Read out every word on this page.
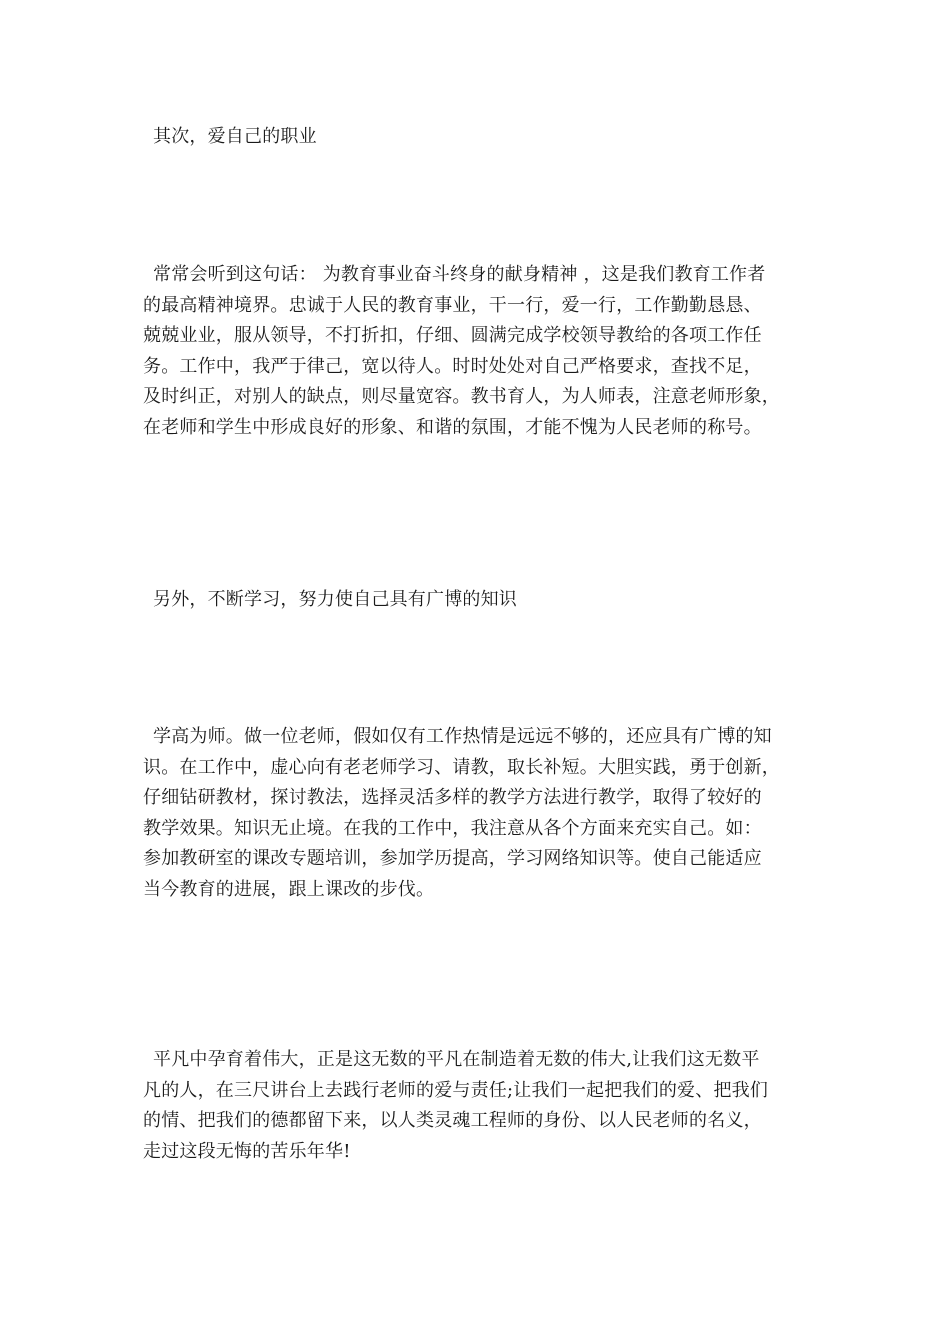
其次，爱自己的职业
常常会听到这句话： 为教育事业奋斗终身的献身精神 ，这是我们教育工作者
的最高精神境界。忠诚于人民的教育事业，干一行，爱一行，工作勤勤恳恳、
兢兢业业，服从领导，不打折扣，仔细、圆满完成学校领导教给的各项工作任
务。工作中，我严于律己，宽以待人。时时处处对自己严格要求，查找不足，
及时纠正，对别人的缺点，则尽量宽容。教书育人，为人师表，注意老师形象，
在老师和学生中形成良好的形象、和谐的氛围，才能不愧为人民老师的称号。
另外，不断学习，努力使自己具有广博的知识
学高为师。做一位老师，假如仅有工作热情是远远不够的，还应具有广博的知
识。在工作中，虚心向有老老师学习、请教，取长补短。大胆实践，勇于创新，
仔细钻研教材，探讨教法，选择灵活多样的教学方法进行教学，取得了较好的
教学效果。知识无止境。在我的工作中，我注意从各个方面来充实自己。如：
参加教研室的课改专题培训，参加学历提高，学习网络知识等。使自己能适应
当今教育的进展，跟上课改的步伐。
平凡中孕育着伟大，正是这无数的平凡在制造着无数的伟大,让我们这无数平
凡的人，在三尺讲台上去践行老师的爱与责任;让我们一起把我们的爱、把我们
的情、把我们的德都留下来，以人类灵魂工程师的身份、以人民老师的名义，
走过这段无悔的苦乐年华!
